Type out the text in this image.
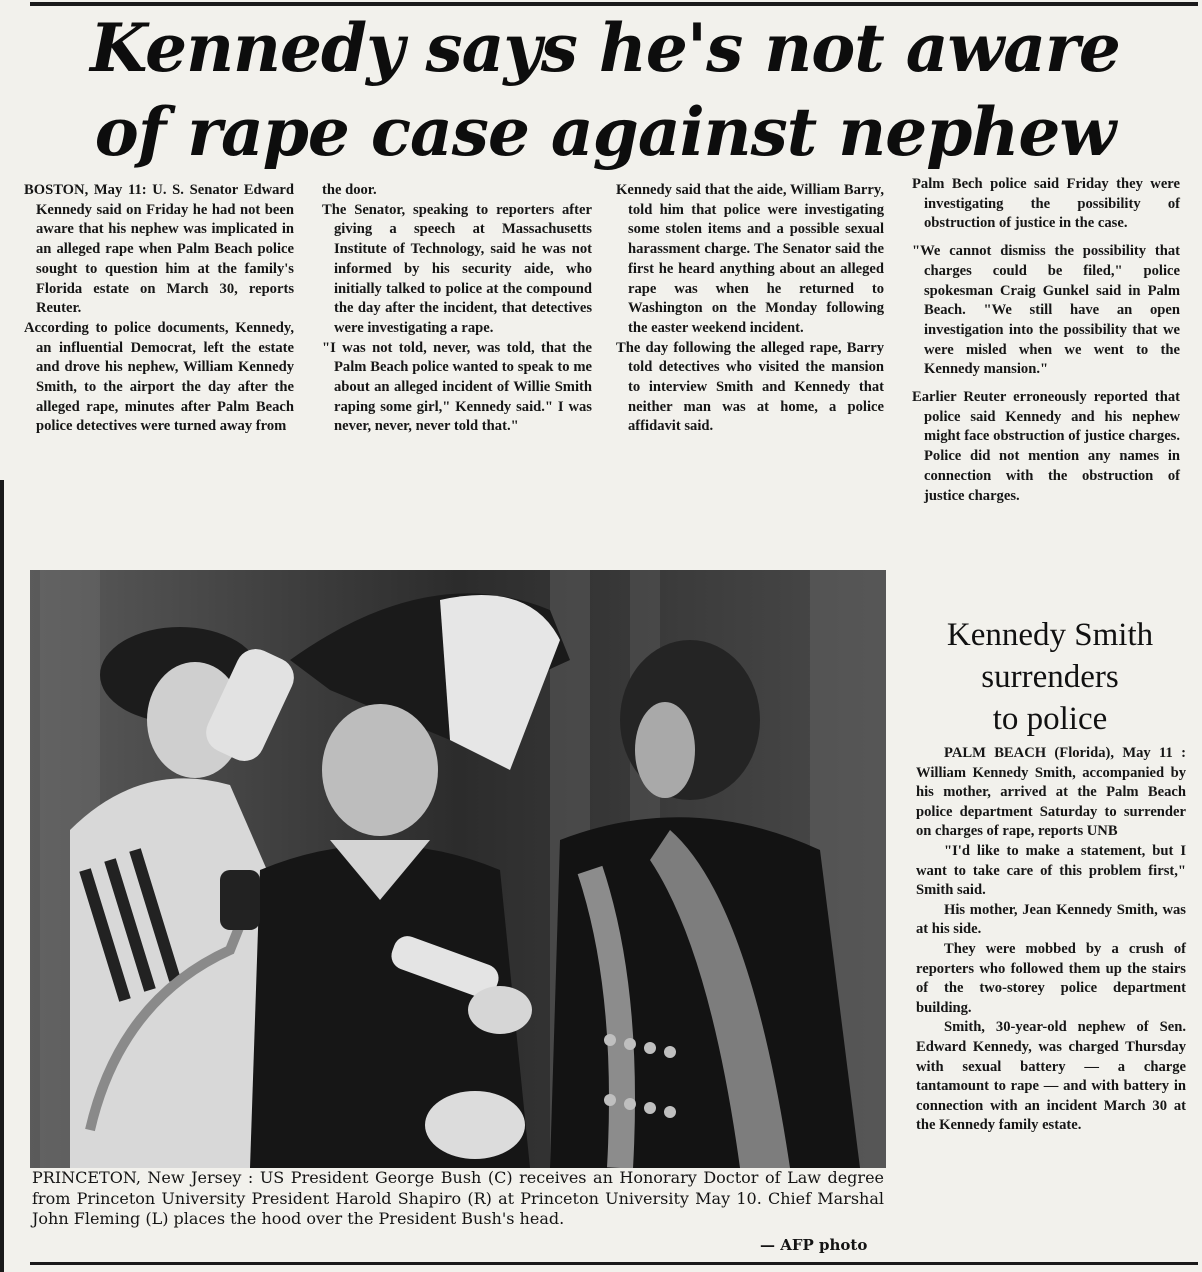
Kennedy says he's not aware
of rape case against nephew

BOSTON, May 11: U. S. Senator Edward Kennedy said on Friday he had not been aware that his nephew was implicated in an alleged rape when Palm Beach police sought to question him at the family's Florida estate on March 30, reports Reuter.

According to police documents, Kennedy, an influential Democrat, left the estate and drove his nephew, William Kennedy Smith, to the airport the day after the alleged rape, minutes after Palm Beach police detectives were turned away from

the door.

The Senator, speaking to reporters after giving a speech at Massachusetts Institute of Technology, said he was not informed by his security aide, who initially talked to police at the compound the day after the incident, that detectives were investigating a rape.

"I was not told, never, was told, that the Palm Beach police wanted to speak to me about an alleged incident of Willie Smith raping some girl," Kennedy said." I was never, never, never told that."

Kennedy said that the aide, William Barry, told him that police were investigating some stolen items and a possible sexual harassment charge. The Senator said the first he heard anything about an alleged rape was when he returned to Washington on the Monday following the easter weekend incident.

The day following the alleged rape, Barry told detectives who visited the mansion to interview Smith and Kennedy that neither man was at home, a police affidavit said.

Palm Bech police said Friday they were investigating the possibility of obstruction of justice in the case.

"We cannot dismiss the possibility that charges could be filed," police spokesman Craig Gunkel said in Palm Beach. "We still have an open investigation into the possibility that we were misled when we went to the Kennedy mansion."

Earlier Reuter erroneously reported that police said Kennedy and his nephew might face obstruction of justice charges. Police did not mention any names in connection with the obstruction of justice charges.

PRINCETON, New Jersey : US President George Bush (C) receives an Honorary Doctor of Law degree from Princeton University President Harold Shapiro (R) at Princeton University May 10. Chief Marshal John Fleming (L) places the hood over the President Bush's head.
— AFP photo
Kennedy Smith
surrenders
to police

PALM BEACH (Florida), May 11 : William Kennedy Smith, accompanied by his mother, arrived at the Palm Beach police department Saturday to surrender on charges of rape, reports UNB

"I'd like to make a statement, but I want to take care of this problem first," Smith said.

His mother, Jean Kennedy Smith, was at his side.

They were mobbed by a crush of reporters who followed them up the stairs of the two-storey police department building.

Smith, 30-year-old nephew of Sen. Edward Kennedy, was charged Thursday with sexual battery — a charge tantamount to rape — and with battery in connection with an incident March 30 at the Kennedy family estate.
